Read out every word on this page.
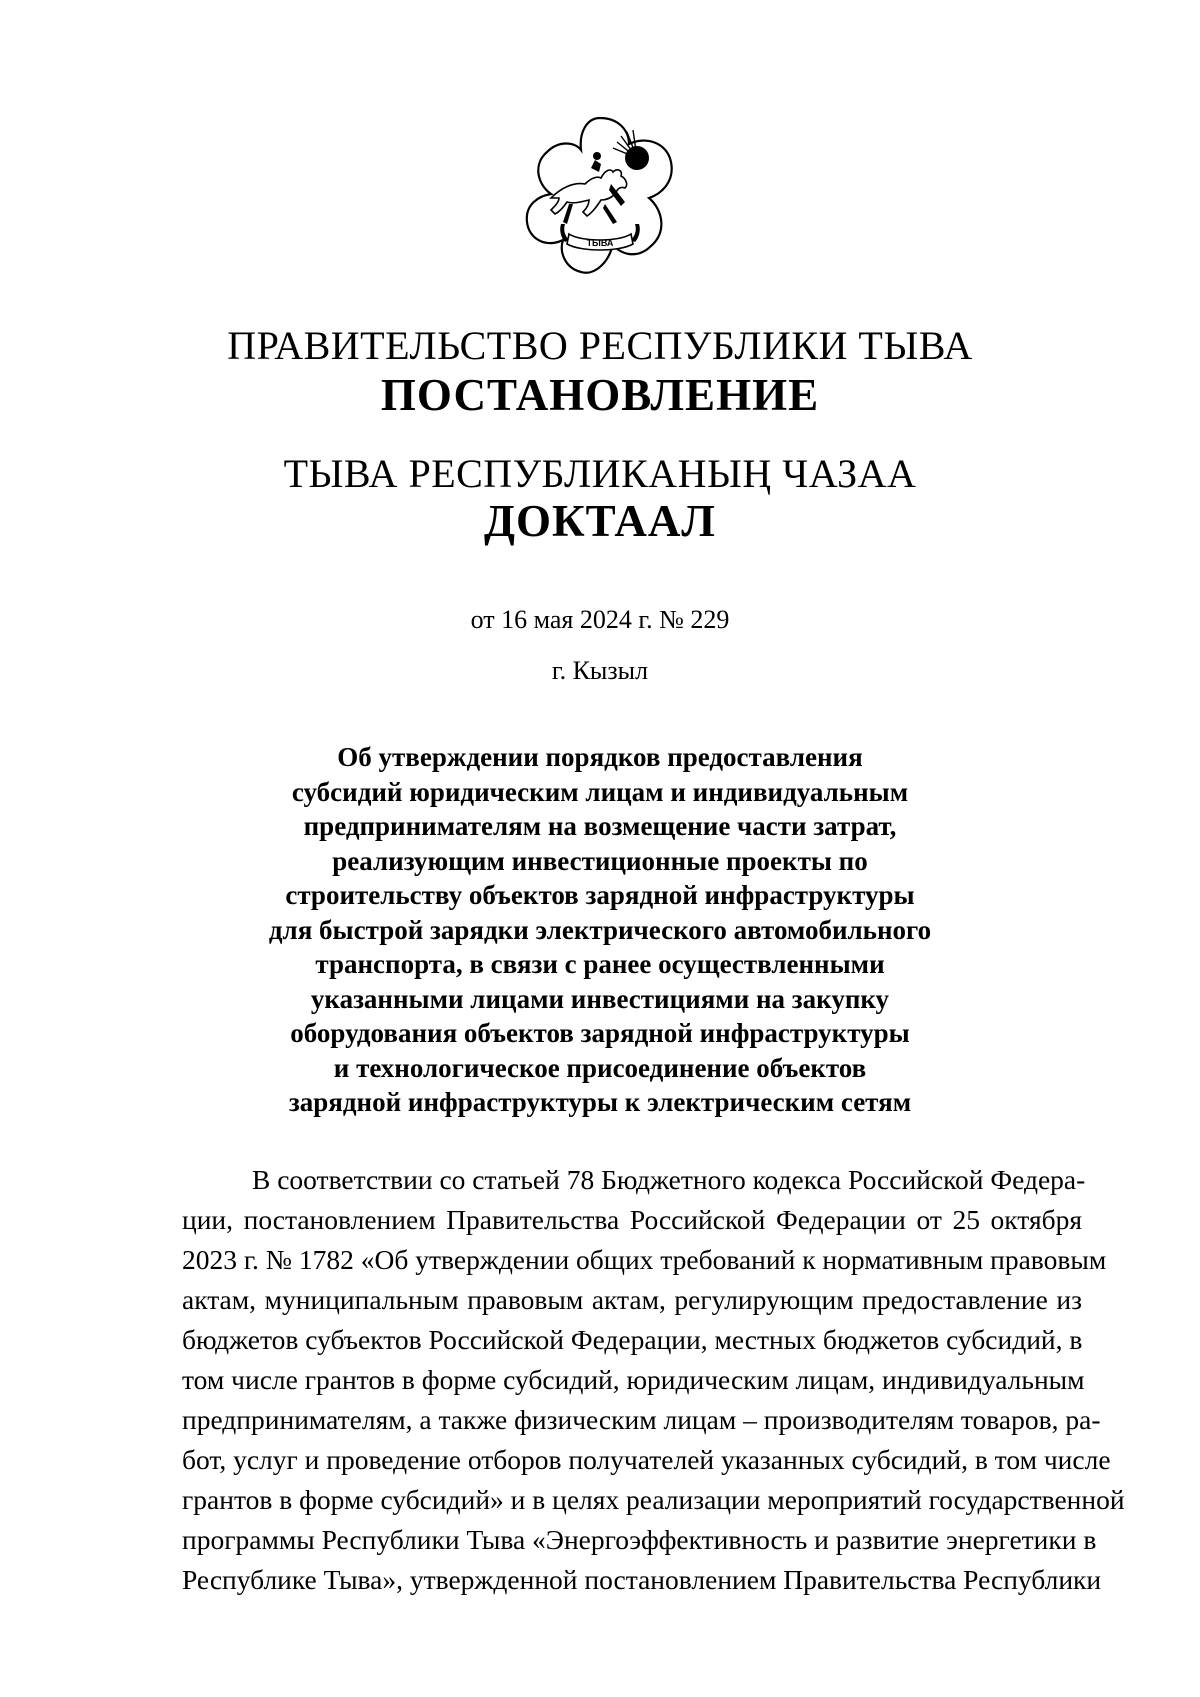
ТЫВА
ПРАВИТЕЛЬСТВО РЕСПУБЛИКИ ТЫВА
ПОСТАНОВЛЕНИЕ
ТЫВА РЕСПУБЛИКАНЫҢ ЧАЗАА
ДОКТААЛ
от 16 мая 2024 г. № 229
г. Кызыл
Об утверждении порядков предоставления
субсидий юридическим лицам и индивидуальным
предпринимателям на возмещение части затрат,
реализующим инвестиционные проекты по
строительству объектов зарядной инфраструктуры
для быстрой зарядки электрического автомобильного
транспорта, в связи с ранее осуществленными
указанными лицами инвестициями на закупку
оборудования объектов зарядной инфраструктуры
и технологическое присоединение объектов
зарядной инфраструктуры к электрическим сетям
В соответствии со статьей 78 Бюджетного кодекса Российской Федера-
ции, постановлением Правительства Российской Федерации от 25 октября
2023 г. № 1782 «Об утверждении общих требований к нормативным правовым
актам, муниципальным правовым актам, регулирующим предоставление из
бюджетов субъектов Российской Федерации, местных бюджетов субсидий, в
том числе грантов в форме субсидий, юридическим лицам, индивидуальным
предпринимателям, а также физическим лицам – производителям товаров, ра-
бот, услуг и проведение отборов получателей указанных субсидий, в том числе
грантов в форме субсидий» и в целях реализации мероприятий государственной
программы Республики Тыва «Энергоэффективность и развитие энергетики в
Республике Тыва», утвержденной постановлением Правительства Республики
